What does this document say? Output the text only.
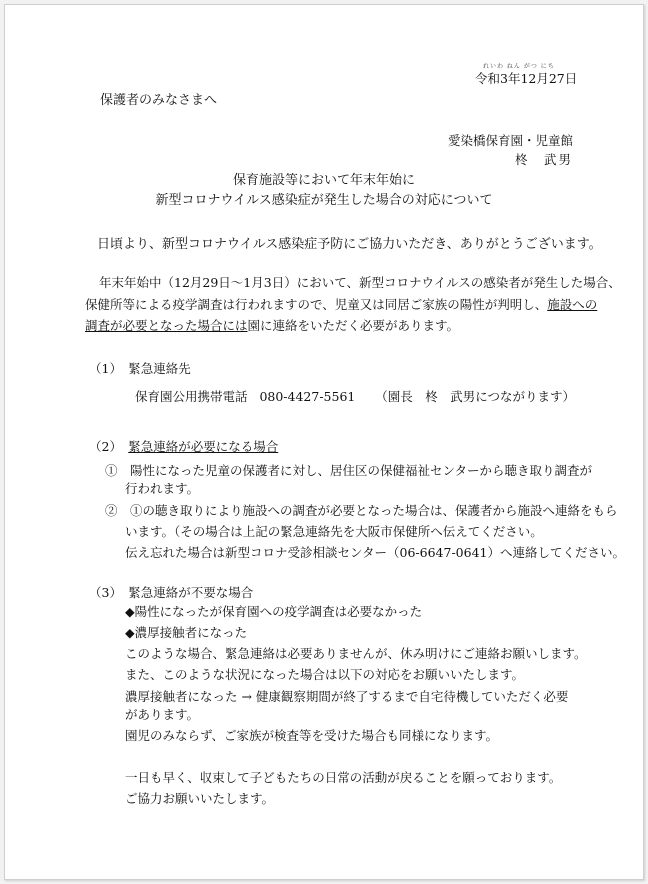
れいわ ねん がつ にち
令和3年12月27日
保護者のみなさまへ
愛染橋保育園・児童館
柊　武男
保育施設等において年末年始に
新型コロナウイルス感染症が発生した場合の対応について
日頃より、新型コロナウイルス感染症予防にご協力いただき、ありがとうございます。
年末年始中（12月29日～1月3日）において、新型コロナウイルスの感染者が発生した場合、
保健所等による疫学調査は行われますので、児童又は同居ご家族の陽性が判明し、施設への
調査が必要となった場合には園に連絡をいただく必要があります。
（1）　緊急連絡先
保育園公用携帯電話 080-4427-5561 （園長　柊　武男につながります）
（2）　緊急連絡が必要になる場合
①　陽性になった児童の保護者に対し、居住区の保健福祉センターから聴き取り調査が
行われます。
②　①の聴き取りにより施設への調査が必要となった場合は、保護者から施設へ連絡をもら
います。（その場合は上記の緊急連絡先を大阪市保健所へ伝えてください。
伝え忘れた場合は新型コロナ受診相談センター（06-6647-0641）へ連絡してください。
（3）　緊急連絡が不要な場合
◆陽性になったが保育園への疫学調査は必要なかった
◆濃厚接触者になった
このような場合、緊急連絡は必要ありませんが、休み明けにご連絡お願いします。
また、このような状況になった場合は以下の対応をお願いいたします。
濃厚接触者になった → 健康観察期間が終了するまで自宅待機していただく必要
があります。
園児のみならず、ご家族が検査等を受けた場合も同様になります。
一日も早く、収束して子どもたちの日常の活動が戻ることを願っております。
ご協力お願いいたします。
